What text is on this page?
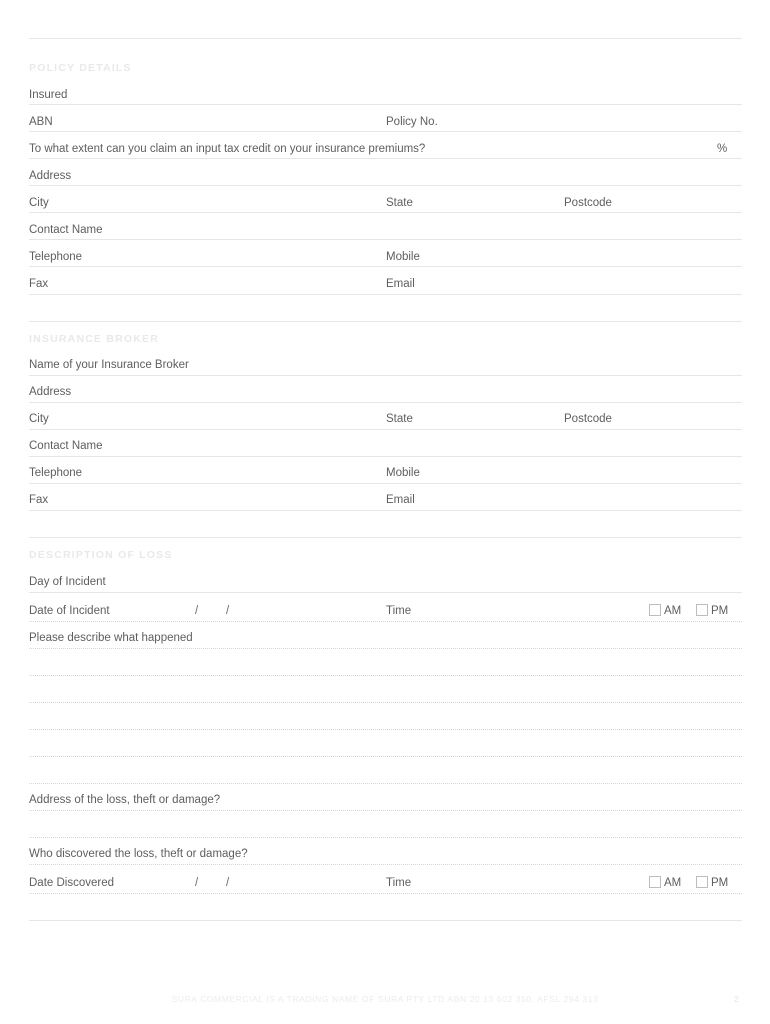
POLICY DETAILS
Insured
ABN	Policy No.
To what extent can you claim an input tax credit on your insurance premiums?	%
Address
City	State	Postcode
Contact Name
Telephone	Mobile
Fax	Email
INSURANCE BROKER
Name of your Insurance Broker
Address
City	State	Postcode
Contact Name
Telephone	Mobile
Fax	Email
DESCRIPTION OF LOSS
Day of Incident
Date of Incident	/ /	Time	AM	PM
Please describe what happened
Address of the loss, theft or damage?
Who discovered the loss, theft or damage?
Date Discovered	/ /	Time	AM	PM
SURA COMMERCIAL IS A TRADING NAME OF SURA PTY LTD ABN 20 13 602 350, AFSL 294 313	2
